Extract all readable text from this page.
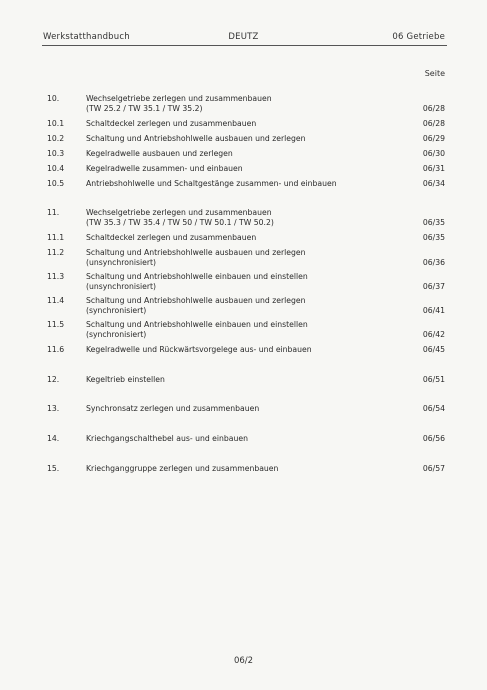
DEUTZ
Werkstatthandbuch	06 Getriebe
Seite
10.	Wechselgetriebe zerlegen und zusammenbauen
(TW 25.2 / TW 35.1 / TW 35.2)	06/28
10.1	Schaltdeckel zerlegen und zusammenbauen	06/28
10.2	Schaltung und Antriebshohlwelle ausbauen und zerlegen	06/29
10.3	Kegelradwelle ausbauen und zerlegen	06/30
10.4	Kegelradwelle zusammen- und einbauen	06/31
10.5	Antriebshohlwelle und Schaltgestänge zusammen- und einbauen	06/34
11.	Wechselgetriebe zerlegen und zusammenbauen
(TW 35.3 / TW 35.4 / TW 50 / TW 50.1 / TW 50.2)	06/35
11.1	Schaltdeckel zerlegen und zusammenbauen	06/35
11.2	Schaltung und Antriebshohlwelle ausbauen und zerlegen
(unsynchronisiert)	06/36
11.3	Schaltung und Antriebshohlwelle einbauen und einstellen
(unsynchronisiert)	06/37
11.4	Schaltung und Antriebshohlwelle ausbauen und zerlegen
(synchronisiert)	06/41
11.5	Schaltung und Antriebshohlwelle einbauen und einstellen
(synchronisiert)	06/42
11.6	Kegelradwelle und Rückwärtsvorgelege aus- und einbauen	06/45
12.	Kegeltrieb einstellen	06/51
13.	Synchronsatz zerlegen und zusammenbauen	06/54
14.	Kriechgangschalthebel aus- und einbauen	06/56
15.	Kriechganggruppe zerlegen und zusammenbauen	06/57
06/2
